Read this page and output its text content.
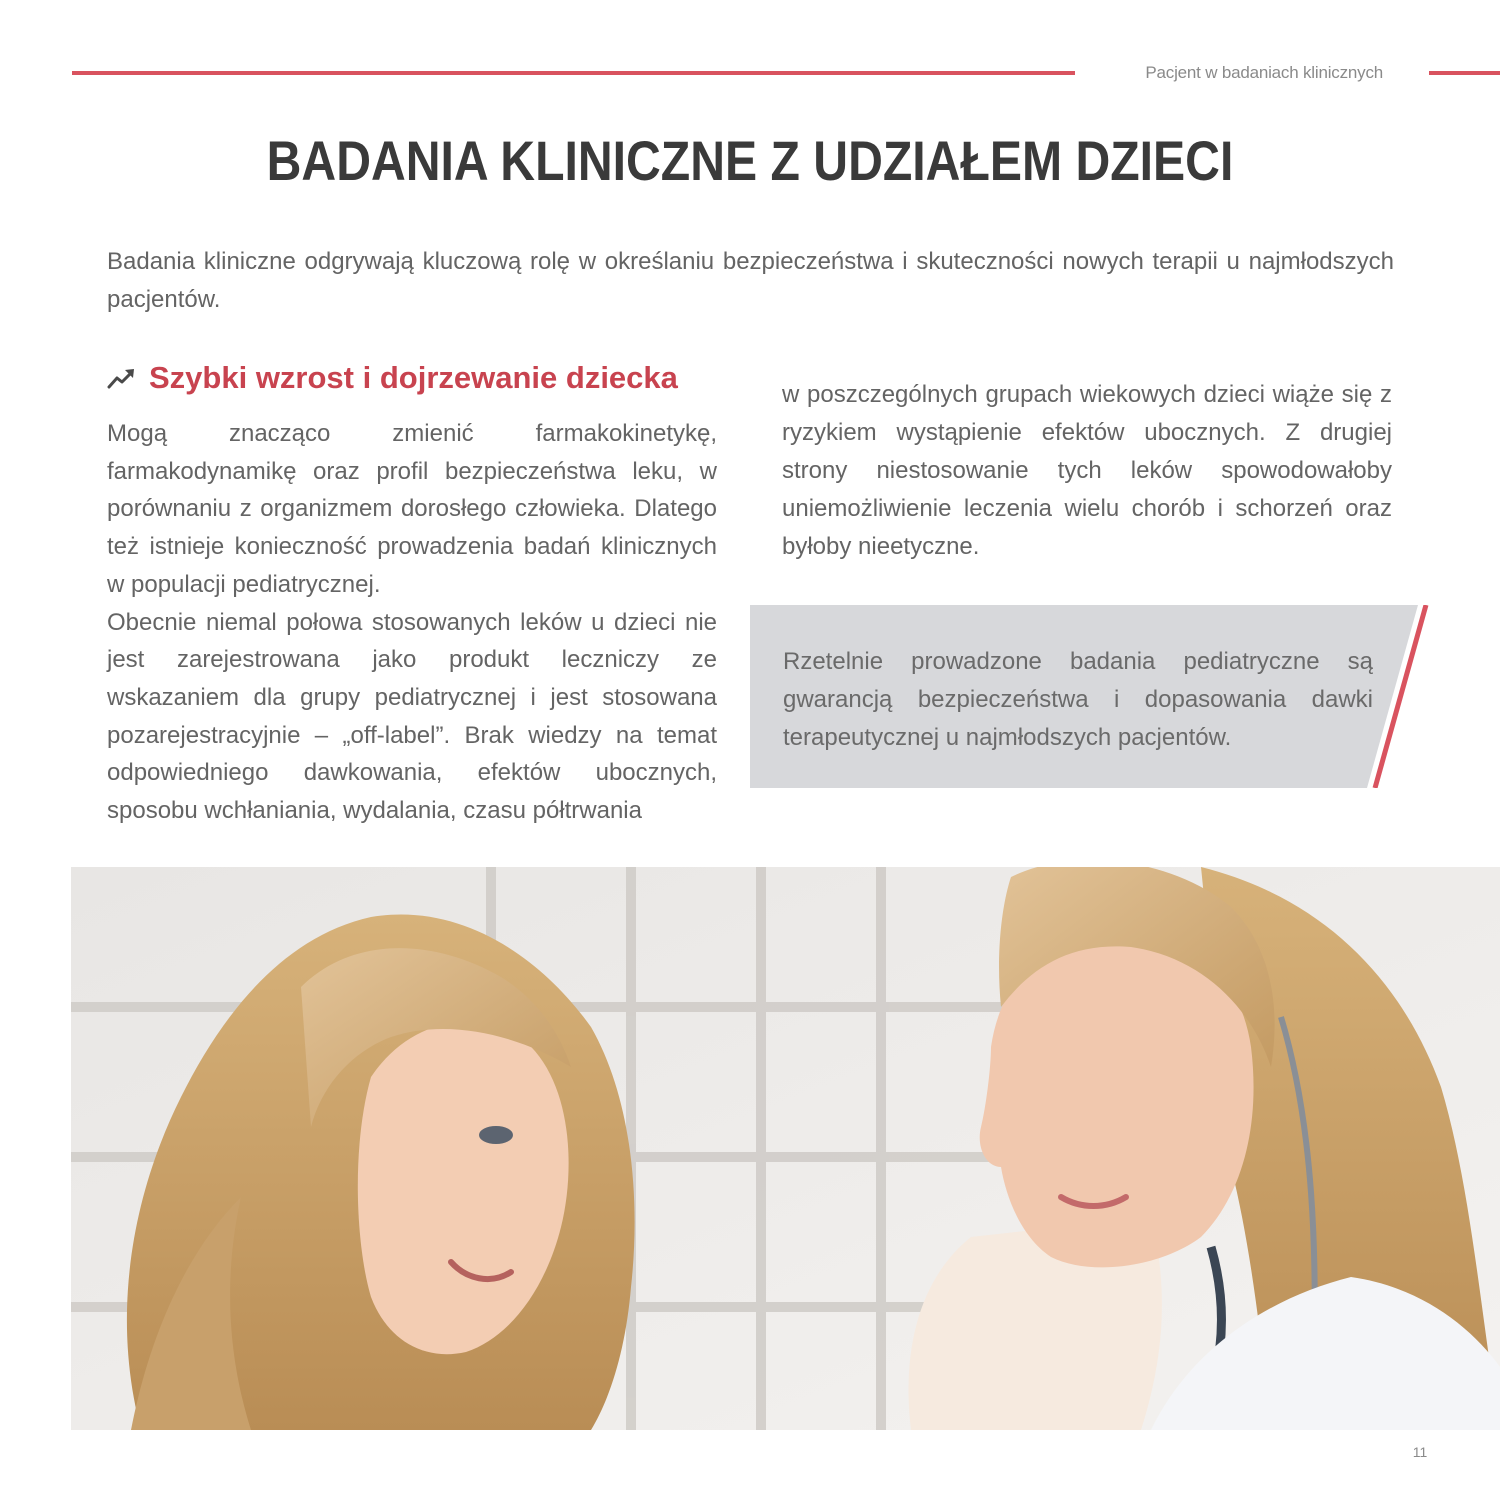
Pacjent w badaniach klinicznych
BADANIA KLINICZNE Z UDZIAŁEM DZIECI
Badania kliniczne odgrywają kluczową rolę w określaniu bezpieczeństwa i skuteczności nowych terapii u najmłodszych pacjentów.
Szybki wzrost i dojrzewanie dziecka

Mogą znacząco zmienić farmakokinetykę, farmakodynamikę oraz profil bezpieczeństwa leku, w porównaniu z organizmem dorosłego człowieka. Dlatego też istnieje konieczność prowadzenia badań klinicznych w populacji pediatrycznej.

Obecnie niemal połowa stosowanych leków u dzieci nie jest zarejestrowana jako produkt leczniczy ze wskazaniem dla grupy pediatrycznej i jest stosowana pozarejestracyjnie – „off-label”. Brak wiedzy na temat odpowiedniego dawkowania, efektów ubocznych, sposobu wchłaniania, wydalania, czasu półtrwania

w poszczególnych grupach wiekowych dzieci wiąże się z ryzykiem wystąpienie efektów ubocznych. Z drugiej strony niestosowanie tych leków spowodowałoby uniemożliwienie leczenia wielu chorób i schorzeń oraz byłoby nieetyczne.
Rzetelnie prowadzone badania pediatryczne są gwarancją bezpieczeństwa i dopasowania dawki terapeutycznej u najmłodszych pacjentów.
11
